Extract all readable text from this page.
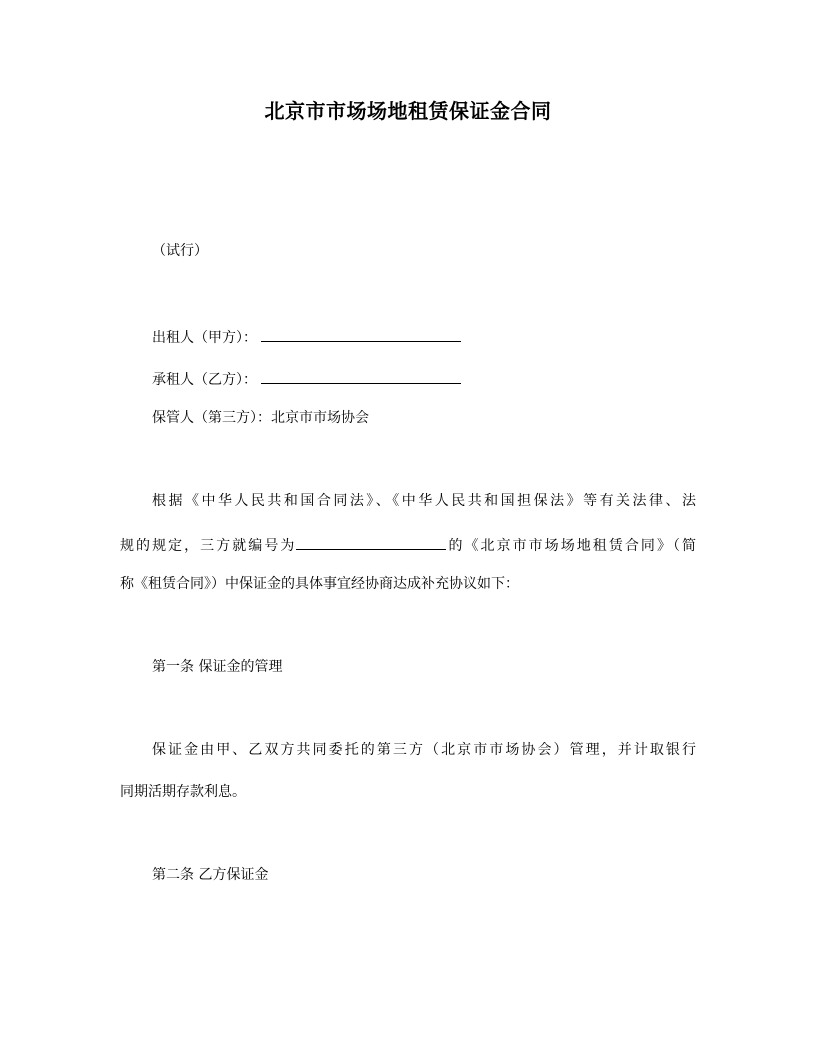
北京市市场场地租赁保证金合同
（试行）
出租人（甲方）：
承租人（乙方）：
保管人（第三方）：北京市市场协会
根据《中华人民共和国合同法》、《中华人民共和国担保法》等有关法律、法
规的规定，三方就编号为	的《北京市市场场地租赁合同》（简
称《租赁合同》）中保证金的具体事宜经协商达成补充协议如下：
第一条 保证金的管理
保证金由甲、乙双方共同委托的第三方（北京市市场协会）管理，并计取银行
同期活期存款利息。
第二条 乙方保证金
